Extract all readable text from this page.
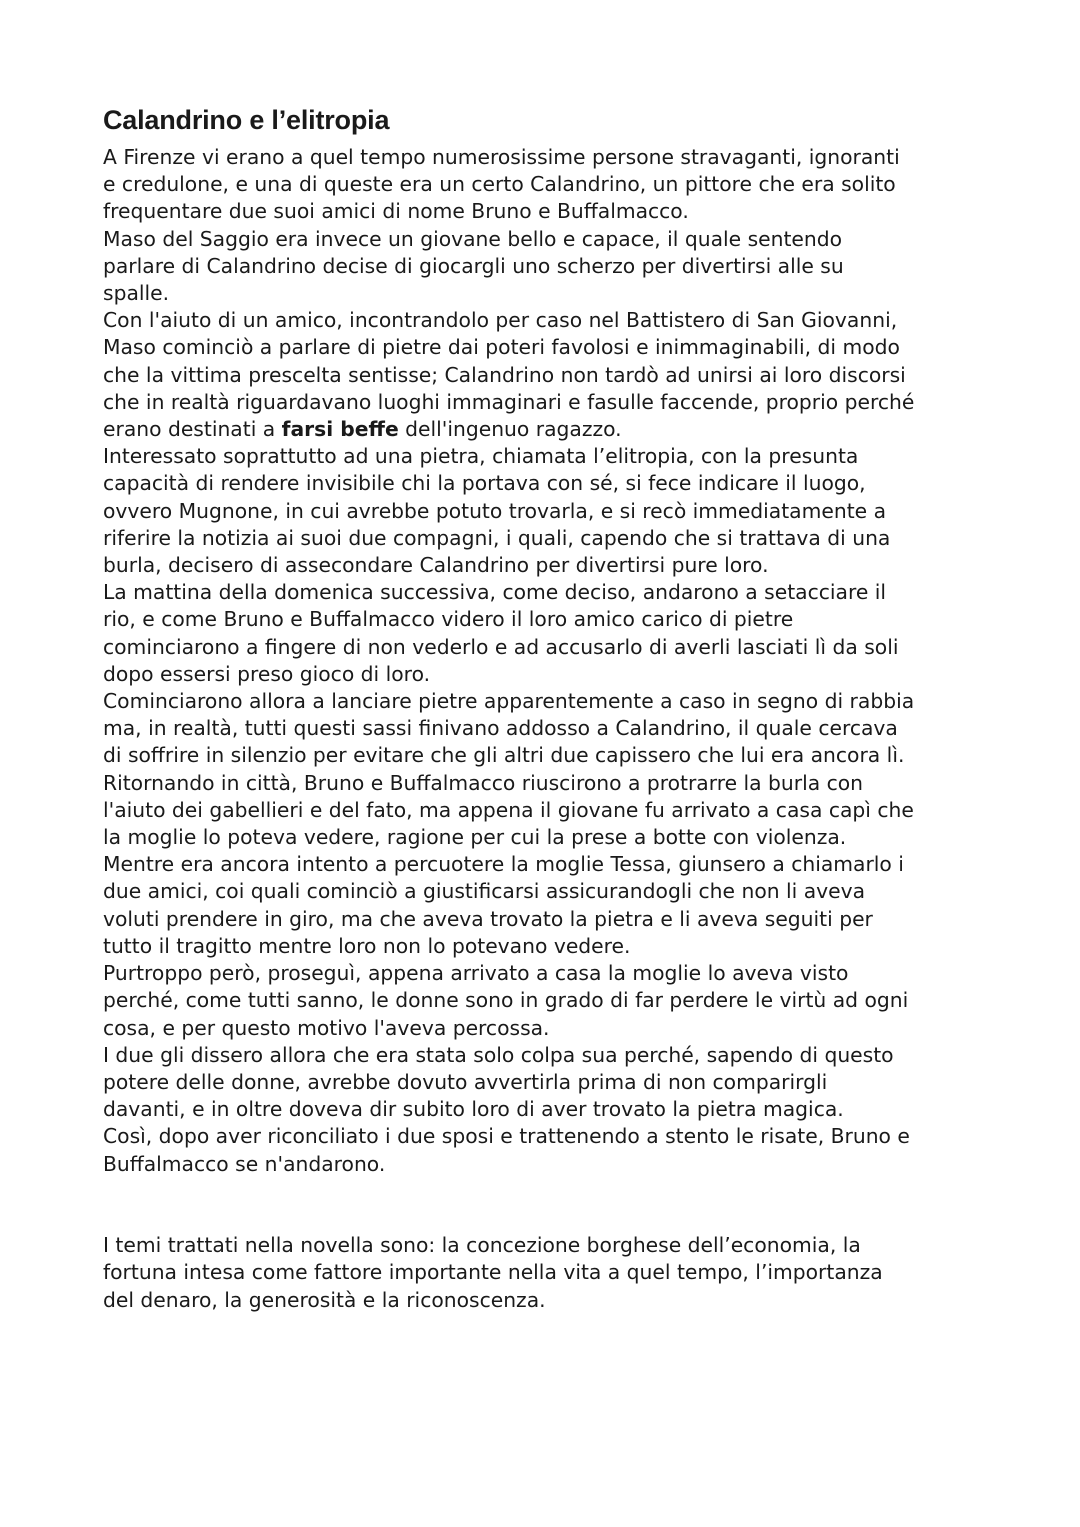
Calandrino e l’elitropia
A Firenze vi erano a quel tempo numerosissime persone stravaganti, ignoranti
e credulone, e una di queste era un certo Calandrino, un pittore che era solito
frequentare due suoi amici di nome Bruno e Buffalmacco.
Maso del Saggio era invece un giovane bello e capace, il quale sentendo
parlare di Calandrino decise di giocargli uno scherzo per divertirsi alle su
spalle.
Con l'aiuto di un amico, incontrandolo per caso nel Battistero di San Giovanni,
Maso cominciò a parlare di pietre dai poteri favolosi e inimmaginabili, di modo
che la vittima prescelta sentisse; Calandrino non tardò ad unirsi ai loro discorsi
che in realtà riguardavano luoghi immaginari e fasulle faccende, proprio perché
erano destinati a farsi beffe dell'ingenuo ragazzo.
Interessato soprattutto ad una pietra, chiamata l’elitropia, con la presunta
capacità di rendere invisibile chi la portava con sé, si fece indicare il luogo,
ovvero Mugnone, in cui avrebbe potuto trovarla, e si recò immediatamente a
riferire la notizia ai suoi due compagni, i quali, capendo che si trattava di una
burla, decisero di assecondare Calandrino per divertirsi pure loro.
La mattina della domenica successiva, come deciso, andarono a setacciare il
rio, e come Bruno e Buffalmacco videro il loro amico carico di pietre
cominciarono a fingere di non vederlo e ad accusarlo di averli lasciati lì da soli
dopo essersi preso gioco di loro.
Cominciarono allora a lanciare pietre apparentemente a caso in segno di rabbia
ma, in realtà, tutti questi sassi finivano addosso a Calandrino, il quale cercava
di soffrire in silenzio per evitare che gli altri due capissero che lui era ancora lì.
Ritornando in città, Bruno e Buffalmacco riuscirono a protrarre la burla con
l'aiuto dei gabellieri e del fato, ma appena il giovane fu arrivato a casa capì che
la moglie lo poteva vedere, ragione per cui la prese a botte con violenza.
Mentre era ancora intento a percuotere la moglie Tessa, giunsero a chiamarlo i
due amici, coi quali cominciò a giustificarsi assicurandogli che non li aveva
voluti prendere in giro, ma che aveva trovato la pietra e li aveva seguiti per
tutto il tragitto mentre loro non lo potevano vedere.
Purtroppo però, proseguì, appena arrivato a casa la moglie lo aveva visto
perché, come tutti sanno, le donne sono in grado di far perdere le virtù ad ogni
cosa, e per questo motivo l'aveva percossa.
I due gli dissero allora che era stata solo colpa sua perché, sapendo di questo
potere delle donne, avrebbe dovuto avvertirla prima di non comparirgli
davanti, e in oltre doveva dir subito loro di aver trovato la pietra magica.
Così, dopo aver riconciliato i due sposi e trattenendo a stento le risate, Bruno e
Buffalmacco se n'andarono.
I temi trattati nella novella sono: la concezione borghese dell’economia, la
fortuna intesa come fattore importante nella vita a quel tempo, l’importanza
del denaro, la generosità e la riconoscenza.
